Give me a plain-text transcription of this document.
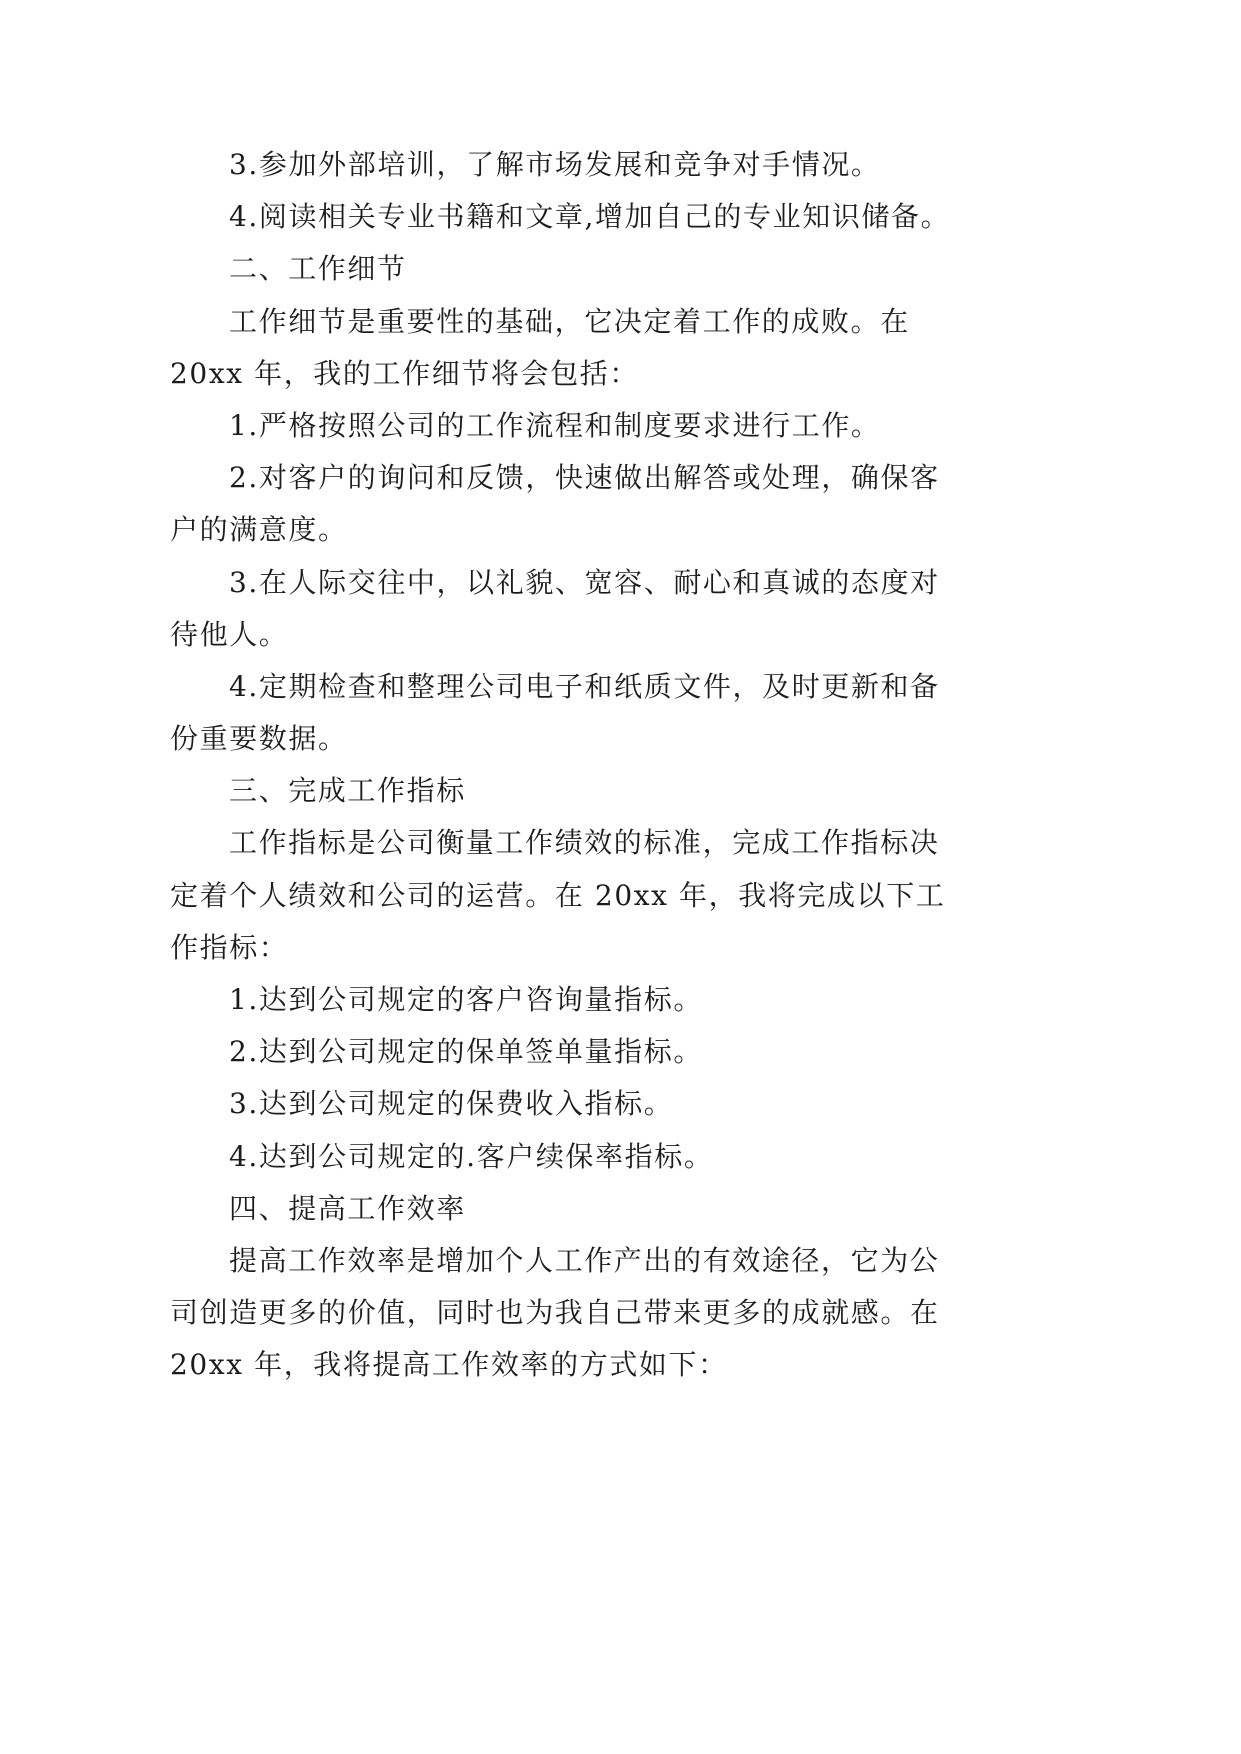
3.参加外部培训，了解市场发展和竞争对手情况。
4.阅读相关专业书籍和文章,增加自己的专业知识储备。
二、工作细节
工作细节是重要性的基础，它决定着工作的成败。在
20xx 年，我的工作细节将会包括：
1.严格按照公司的工作流程和制度要求进行工作。
2.对客户的询问和反馈，快速做出解答或处理，确保客
户的满意度。
3.在人际交往中，以礼貌、宽容、耐心和真诚的态度对
待他人。
4.定期检查和整理公司电子和纸质文件，及时更新和备
份重要数据。
三、完成工作指标
工作指标是公司衡量工作绩效的标准，完成工作指标决
定着个人绩效和公司的运营。在 20xx 年，我将完成以下工
作指标：
1.达到公司规定的客户咨询量指标。
2.达到公司规定的保单签单量指标。
3.达到公司规定的保费收入指标。
4.达到公司规定的.客户续保率指标。
四、提高工作效率
提高工作效率是增加个人工作产出的有效途径，它为公
司创造更多的价值，同时也为我自己带来更多的成就感。在
20xx 年，我将提高工作效率的方式如下：
